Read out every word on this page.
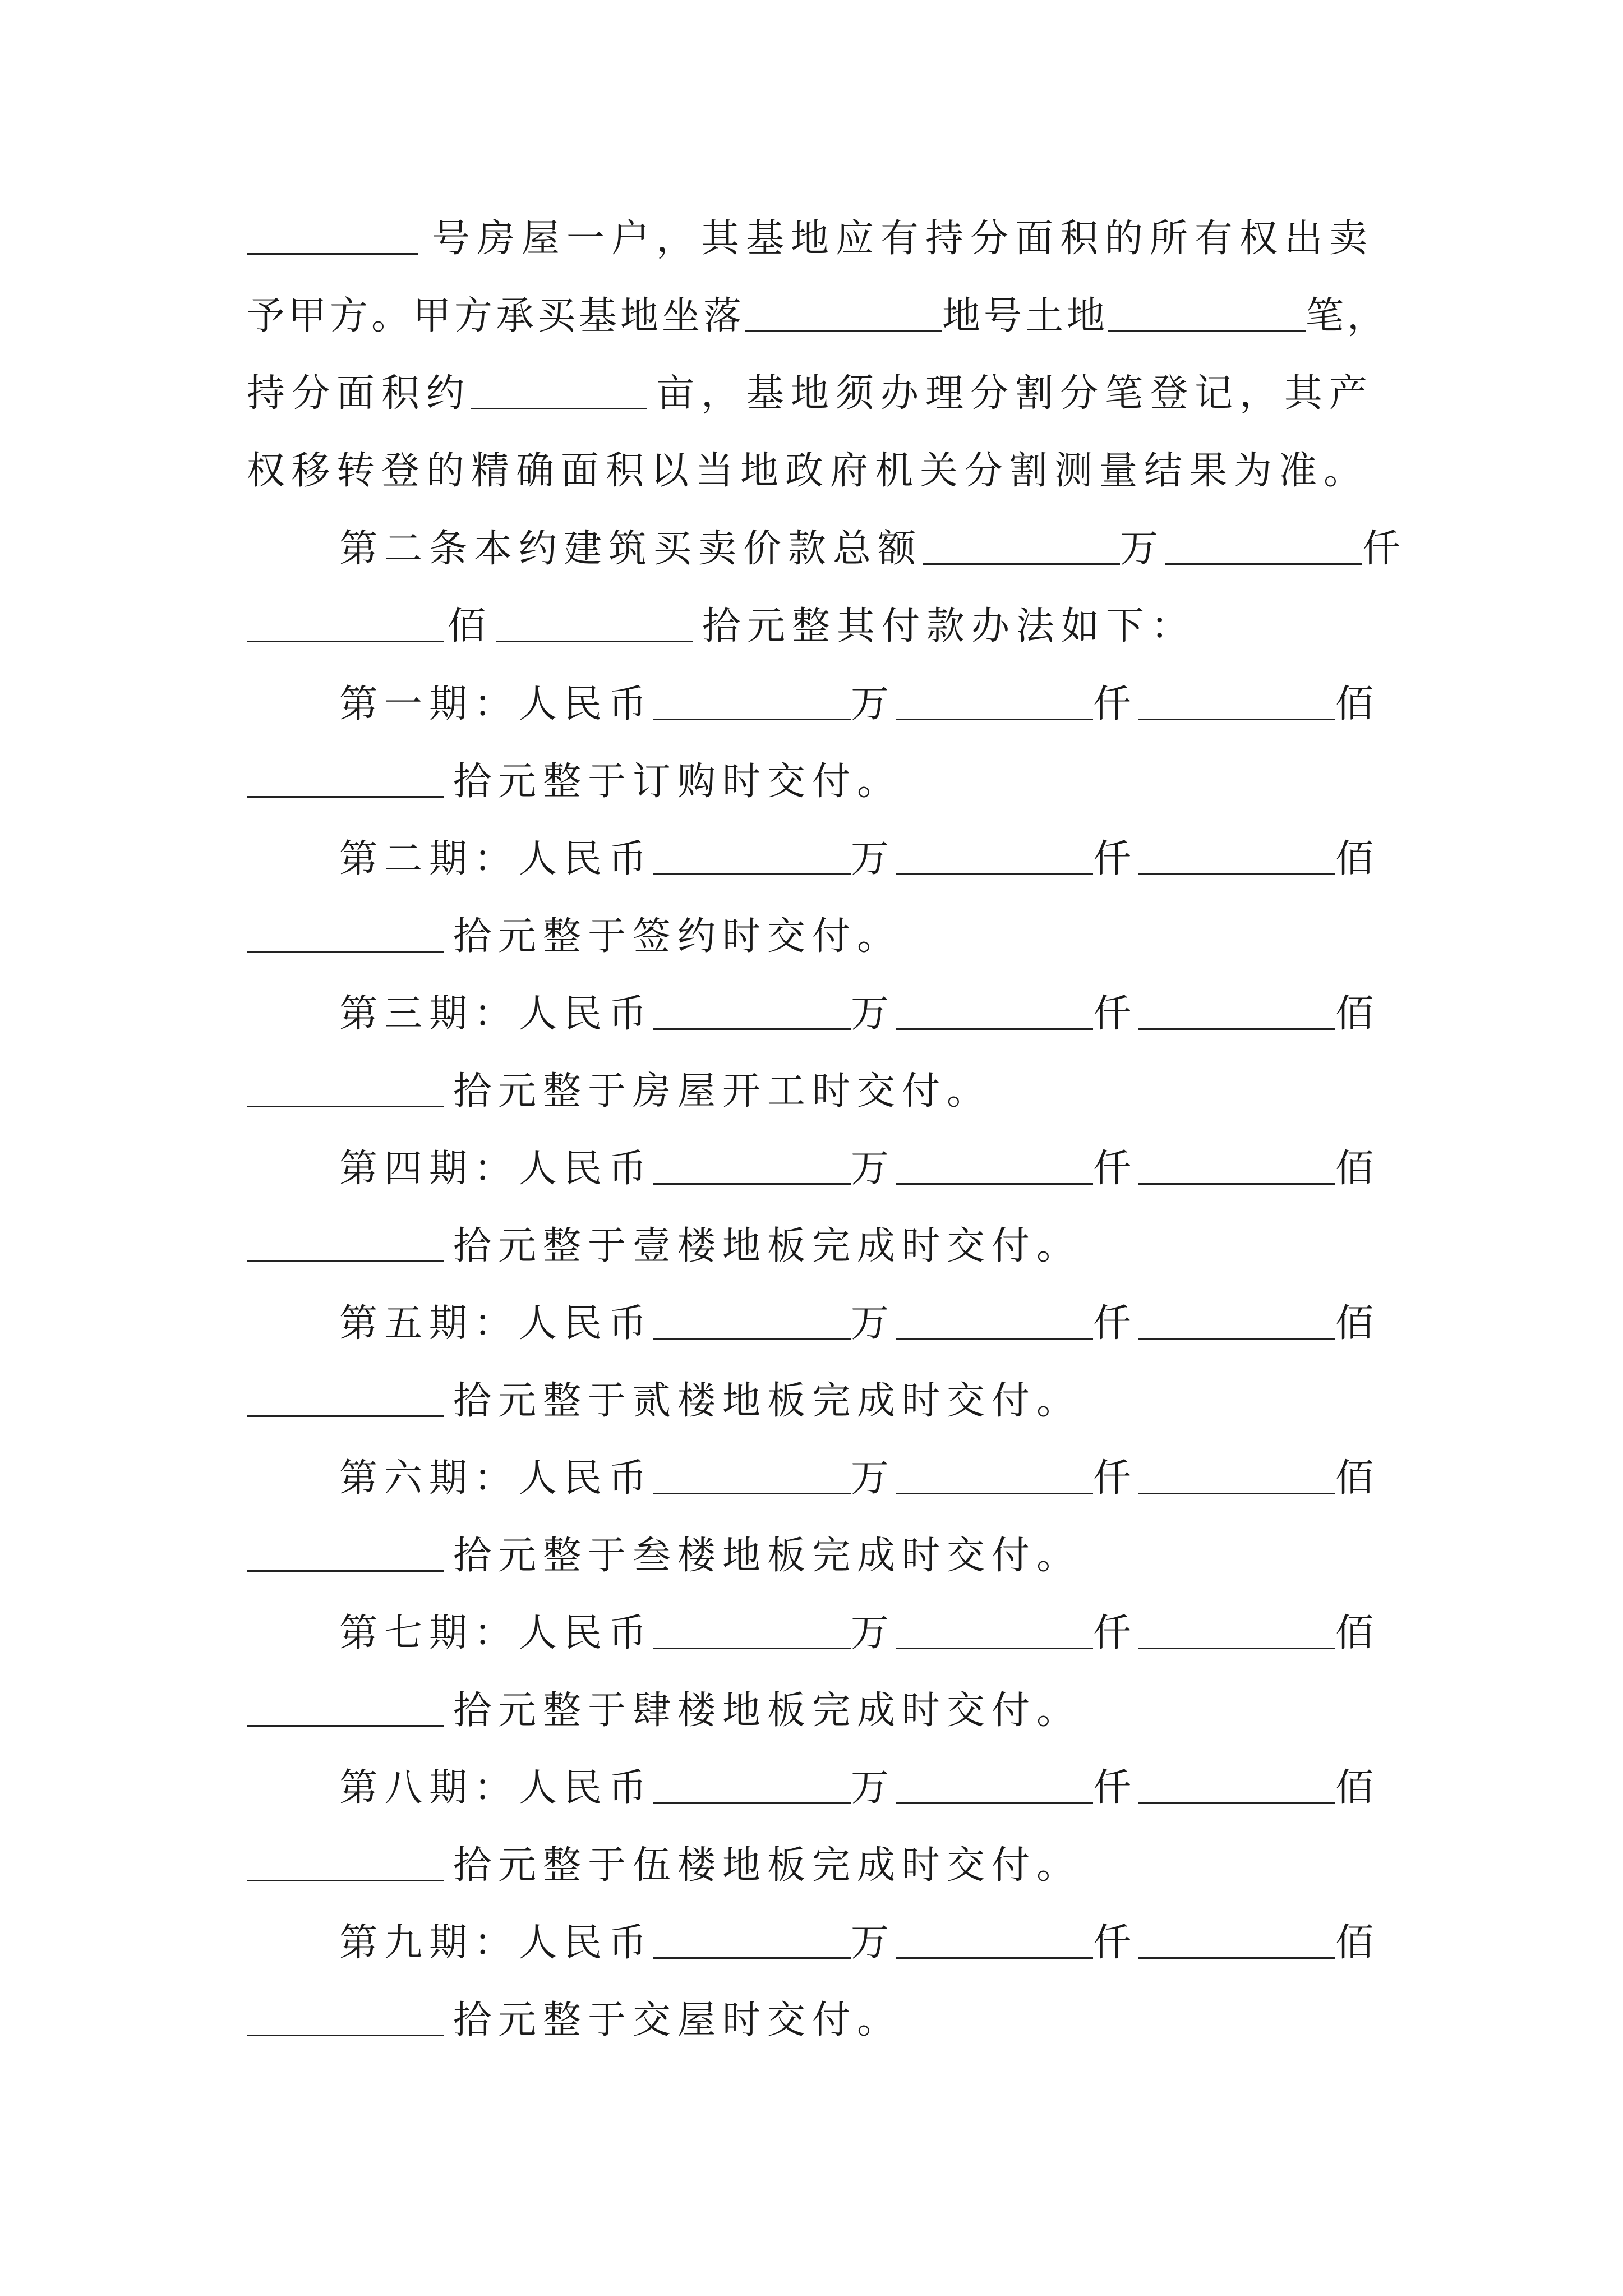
号房屋一户，其基地应有持分面积的所有权出卖
予甲方。甲方承买基地坐落	地号土地	笔，
持分面积约	亩，基地须办理分割分笔登记，其产
权移转登的精确面积以当地政府机关分割测量结果为准。
第二条本约建筑买卖价款总额	万	仟
佰	拾元整其付款办法如下：
第一期：人民币	万	仟	佰
拾元整于订购时交付。
第二期：人民币	万	仟	佰
拾元整于签约时交付。
第三期：人民币	万	仟	佰
拾元整于房屋开工时交付。
第四期：人民币	万	仟	佰
拾元整于壹楼地板完成时交付。
第五期：人民币	万	仟	佰
拾元整于贰楼地板完成时交付。
第六期：人民币	万	仟	佰
拾元整于叁楼地板完成时交付。
第七期：人民币	万	仟	佰
拾元整于肆楼地板完成时交付。
第八期：人民币	万	仟	佰
拾元整于伍楼地板完成时交付。
第九期：人民币	万	仟	佰
拾元整于交屋时交付。
